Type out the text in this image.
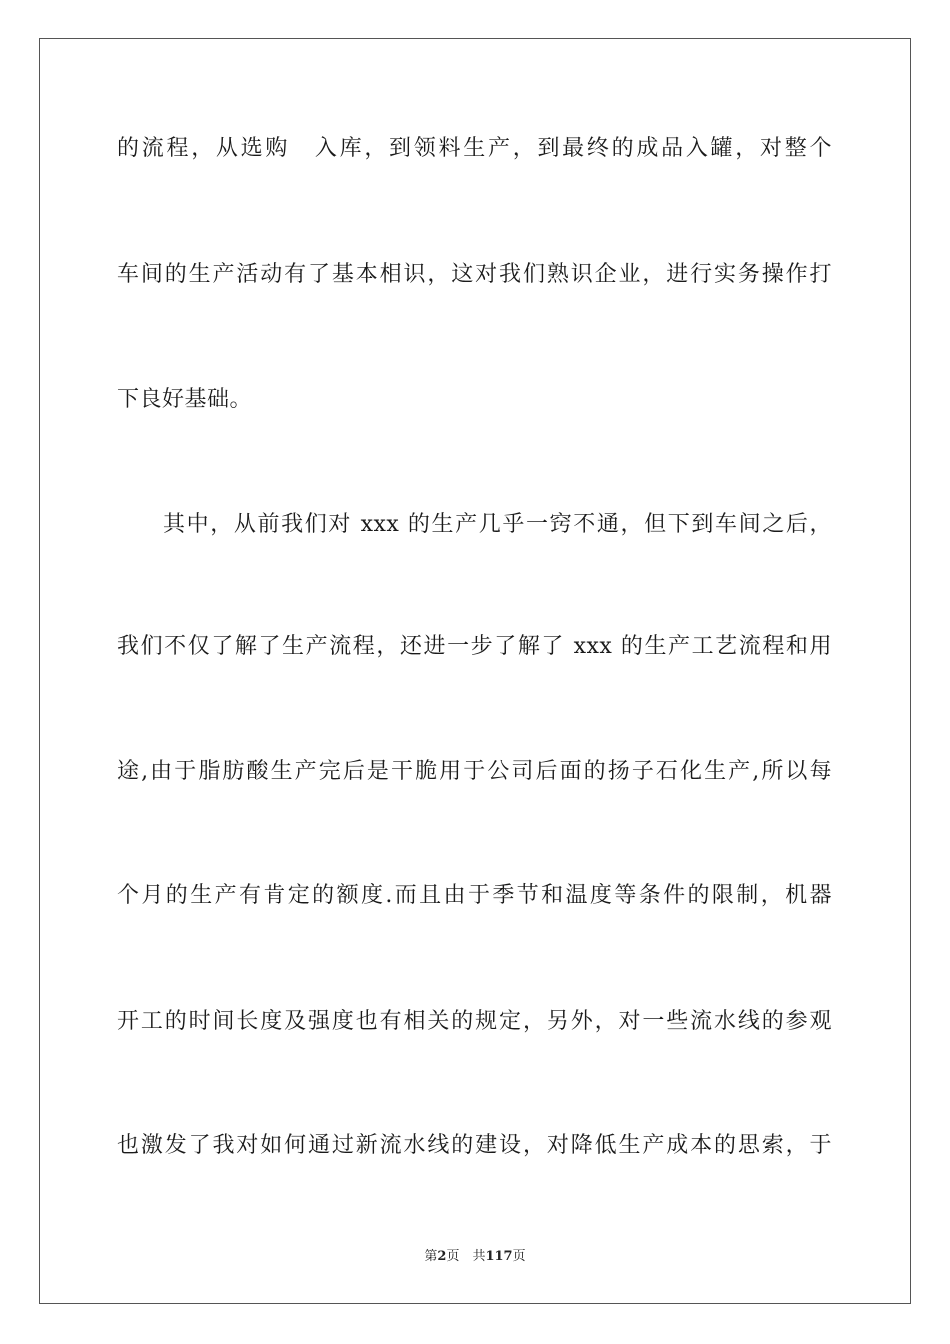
的流程，从选购　入库，到领料生产，到最终的成品入罐，对整个
车间的生产活动有了基本相识，这对我们熟识企业，进行实务操作打
下良好基础。
其中，从前我们对 xxx 的生产几乎一窍不通，但下到车间之后，
我们不仅了解了生产流程，还进一步了解了 xxx 的生产工艺流程和用
途,由于脂肪酸生产完后是干脆用于公司后面的扬子石化生产,所以每
个月的生产有肯定的额度.而且由于季节和温度等条件的限制，机器
开工的时间长度及强度也有相关的规定，另外，对一些流水线的参观
也激发了我对如何通过新流水线的建设，对降低生产成本的思索，于
第2页　共117页
